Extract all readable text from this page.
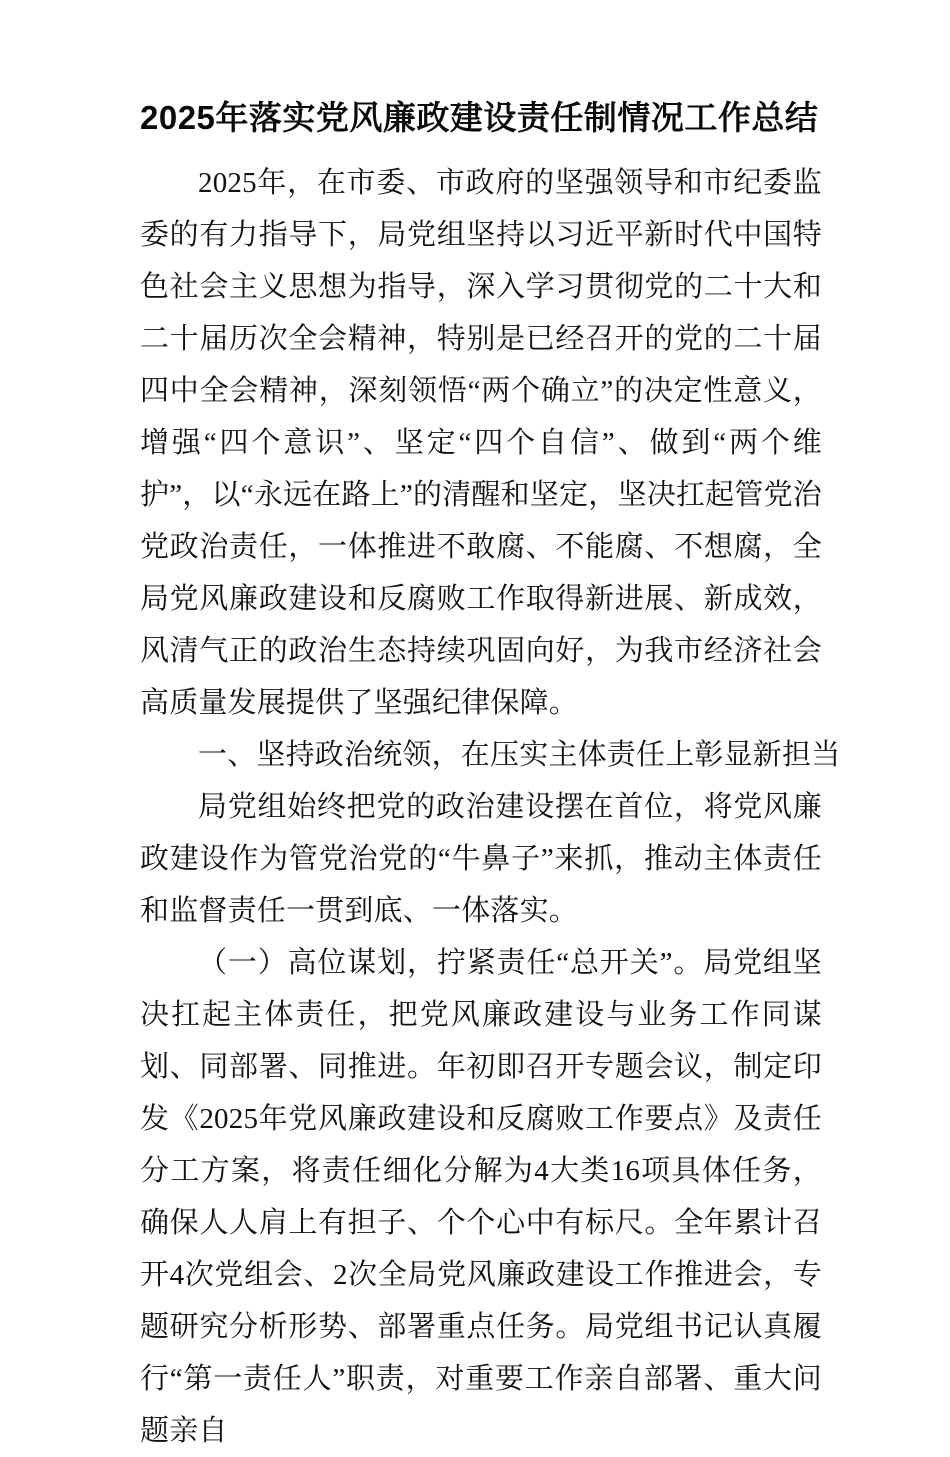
2025年落实党风廉政建设责任制情况工作总结

2025年，在市委、市政府的坚强领导和市纪委监委的有力指导下，局党组坚持以习近平新时代中国特色社会主义思想为指导，深入学习贯彻党的二十大和二十届历次全会精神，特别是已经召开的党的二十届四中全会精神，深刻领悟“两个确立”的决定性意义，增强“四个意识”、坚定“四个自信”、做到“两个维护”，以“永远在路上”的清醒和坚定，坚决扛起管党治党政治责任，一体推进不敢腐、不能腐、不想腐，全局党风廉政建设和反腐败工作取得新进展、新成效，风清气正的政治生态持续巩固向好，为我市经济社会高质量发展提供了坚强纪律保障。

一、坚持政治统领，在压实主体责任上彰显新担当

局党组始终把党的政治建设摆在首位，将党风廉政建设作为管党治党的“牛鼻子”来抓，推动主体责任和监督责任一贯到底、一体落实。

（一）高位谋划，拧紧责任“总开关”。局党组坚决扛起主体责任，把党风廉政建设与业务工作同谋划、同部署、同推进。年初即召开专题会议，制定印发《2025年党风廉政建设和反腐败工作要点》及责任分工方案，将责任细化分解为4大类16项具体任务，确保人人肩上有担子、个个心中有标尺。全年累计召开4次党组会、2次全局党风廉政建设工作推进会，专题研究分析形势、部署重点任务。局党组书记认真履行“第一责任人”职责，对重要工作亲自部署、重大问题亲自
